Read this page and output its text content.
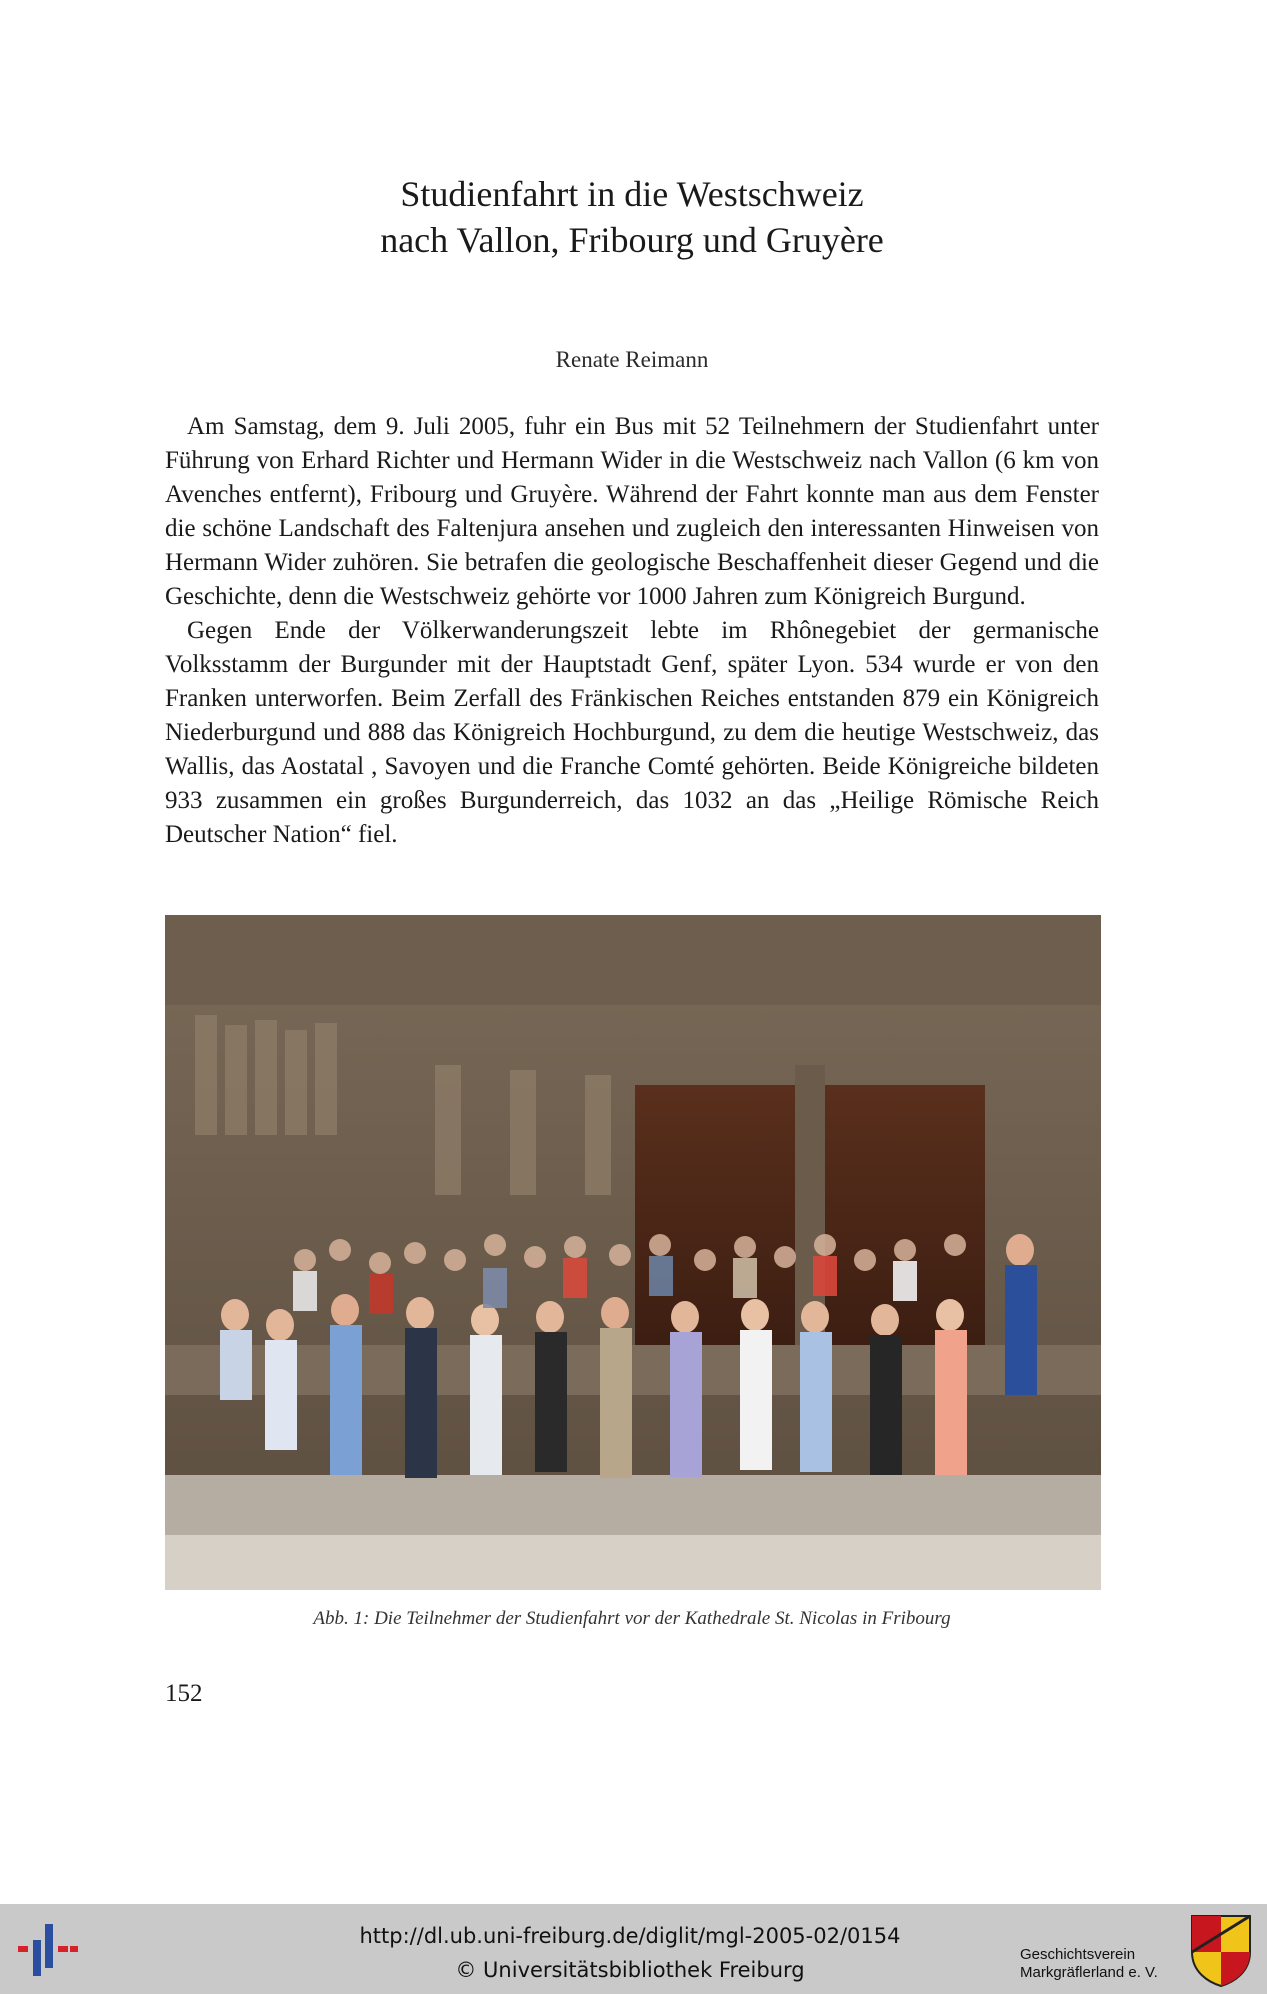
Studienfahrt in die Westschweiz
nach Vallon, Fribourg und Gruyère
Renate Reimann

Am Samstag, dem 9. Juli 2005, fuhr ein Bus mit 52 Teilnehmern der Studienfahrt unter Führung von Erhard Richter und Hermann Wider in die Westschweiz nach Vallon (6 km von Avenches entfernt), Fribourg und Gruyère. Während der Fahrt konnte man aus dem Fenster die schöne Landschaft des Faltenjura ansehen und zugleich den interessanten Hinweisen von Hermann Wider zuhören. Sie betrafen die geologische Beschaffenheit dieser Gegend und die Geschichte, denn die Westschweiz gehörte vor 1000 Jahren zum Königreich Burgund.

Gegen Ende der Völkerwanderungszeit lebte im Rhônegebiet der germanische Volksstamm der Burgunder mit der Hauptstadt Genf, später Lyon. 534 wurde er von den Franken unterworfen. Beim Zerfall des Fränkischen Reiches entstanden 879 ein Königreich Niederburgund und 888 das Königreich Hochburgund, zu dem die heutige Westschweiz, das Wallis, das Aostatal , Savoyen und die Franche Comté gehörten. Beide Königreiche bildeten 933 zusammen ein großes Burgunderreich, das 1032 an das „Heilige Römische Reich Deutscher Nation“ fiel.

Abb. 1: Die Teilnehmer der Studienfahrt vor der Kathedrale St. Nicolas in Fribourg
152
http://dl.ub.uni-freiburg.de/diglit/mgl-2005-02/0154
© Universitätsbibliothek Freiburg
Geschichtsverein
Markgräflerland e. V.
